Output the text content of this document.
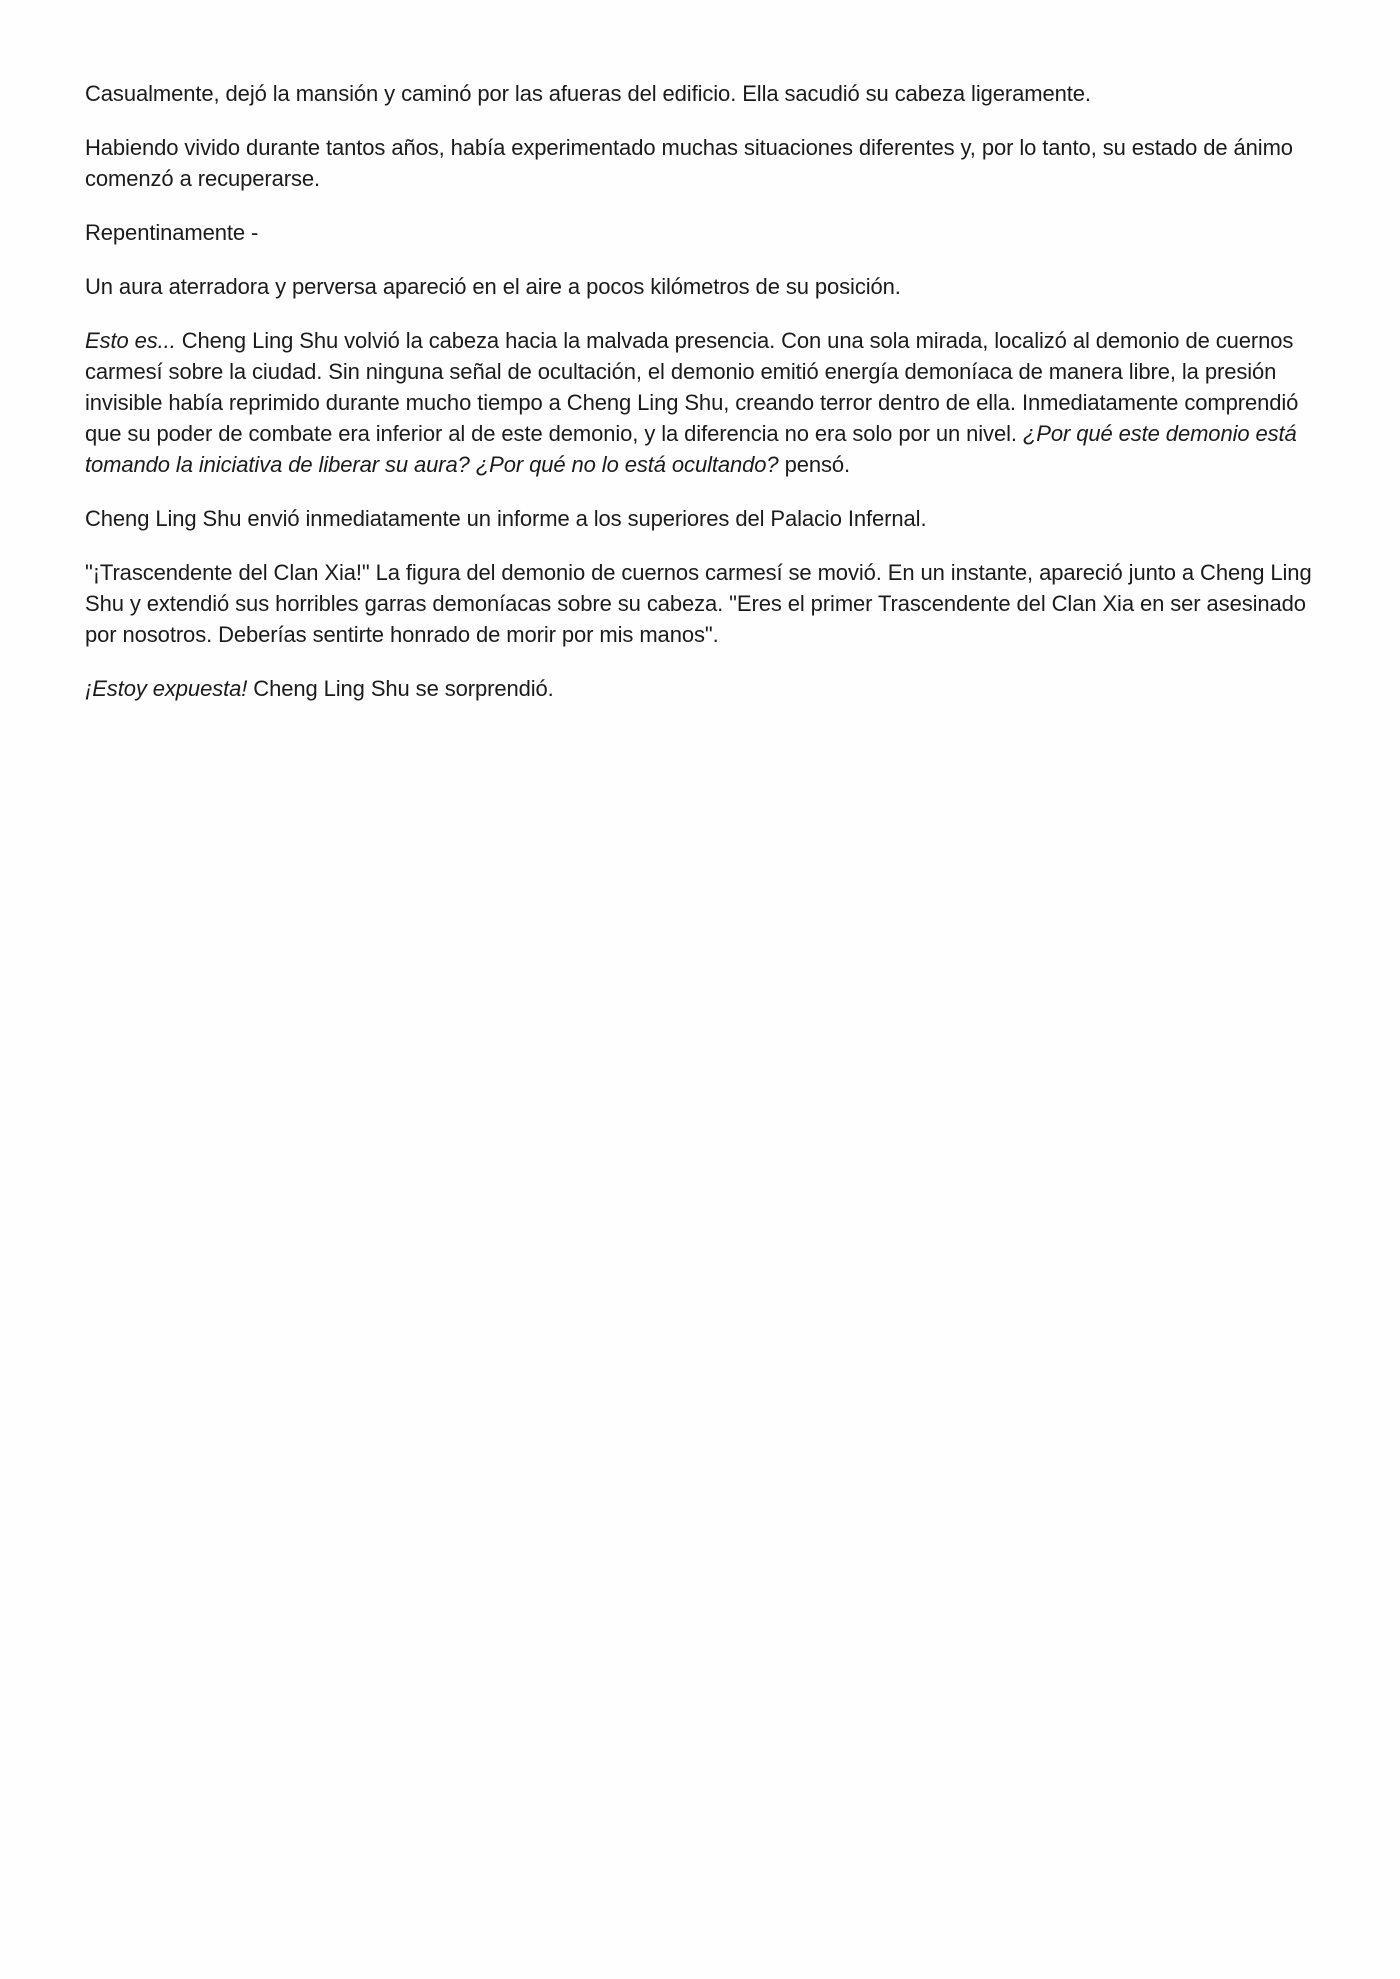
Casualmente, dejó la mansión y caminó por las afueras del edificio. Ella sacudió su cabeza ligeramente.

Habiendo vivido durante tantos años, había experimentado muchas situaciones diferentes y, por lo tanto, su estado de ánimo comenzó a recuperarse.

Repentinamente -

Un aura aterradora y perversa apareció en el aire a pocos kilómetros de su posición.

Esto es... Cheng Ling Shu volvió la cabeza hacia la malvada presencia. Con una sola mirada, localizó al demonio de cuernos carmesí sobre la ciudad. Sin ninguna señal de ocultación, el demonio emitió energía demoníaca de manera libre, la presión invisible había reprimido durante mucho tiempo a Cheng Ling Shu, creando terror dentro de ella. Inmediatamente comprendió que su poder de combate era inferior al de este demonio, y la diferencia no era solo por un nivel. ¿Por qué este demonio está tomando la iniciativa de liberar su aura? ¿Por qué no lo está ocultando? pensó.

Cheng Ling Shu envió inmediatamente un informe a los superiores del Palacio Infernal.

"¡Trascendente del Clan Xia!" La figura del demonio de cuernos carmesí se movió. En un instante, apareció junto a Cheng Ling Shu y extendió sus horribles garras demoníacas sobre su cabeza. "Eres el primer Trascendente del Clan Xia en ser asesinado por nosotros. Deberías sentirte honrado de morir por mis manos".

¡Estoy expuesta! Cheng Ling Shu se sorprendió.
